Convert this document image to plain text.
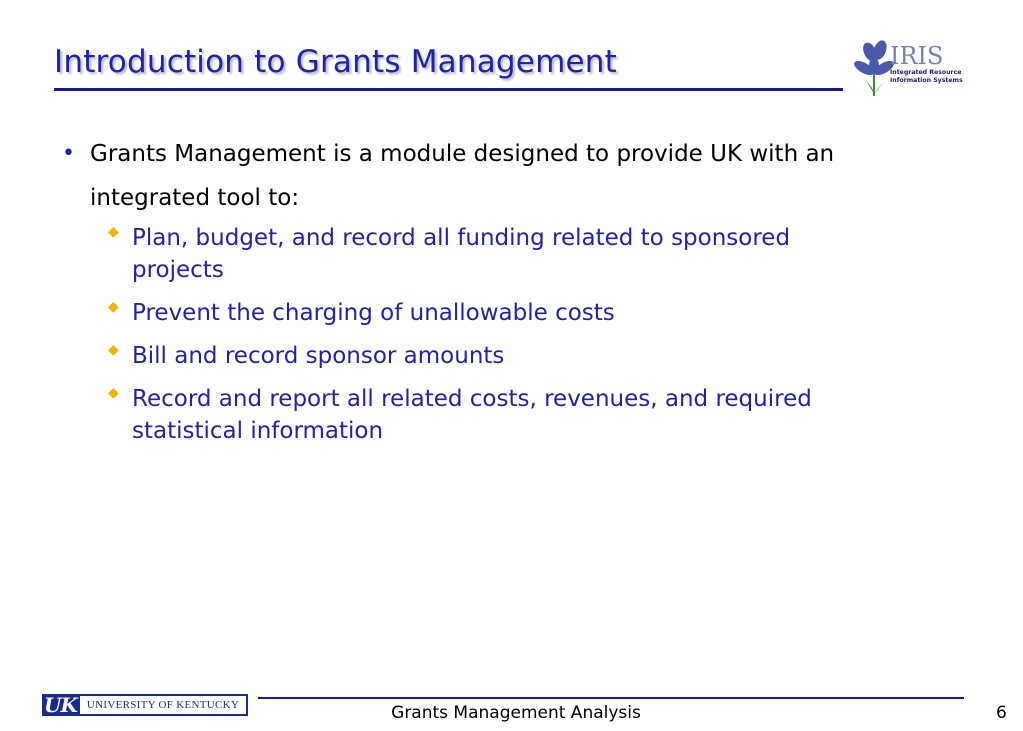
Introduction to Grants Management	IRIS
Integrated Resource
Information Systems
• Grants Management is a module designed to provide UK with an integrated tool to:
◆ Plan, budget, and record all funding related to sponsored
projects
◆ Prevent the charging of unallowable costs
◆ Bill and record sponsor amounts
◆ Record and report all related costs, revenues, and required
statistical information
UK UNIVERSITY OF KENTUCKY	Grants Management Analysis	6
